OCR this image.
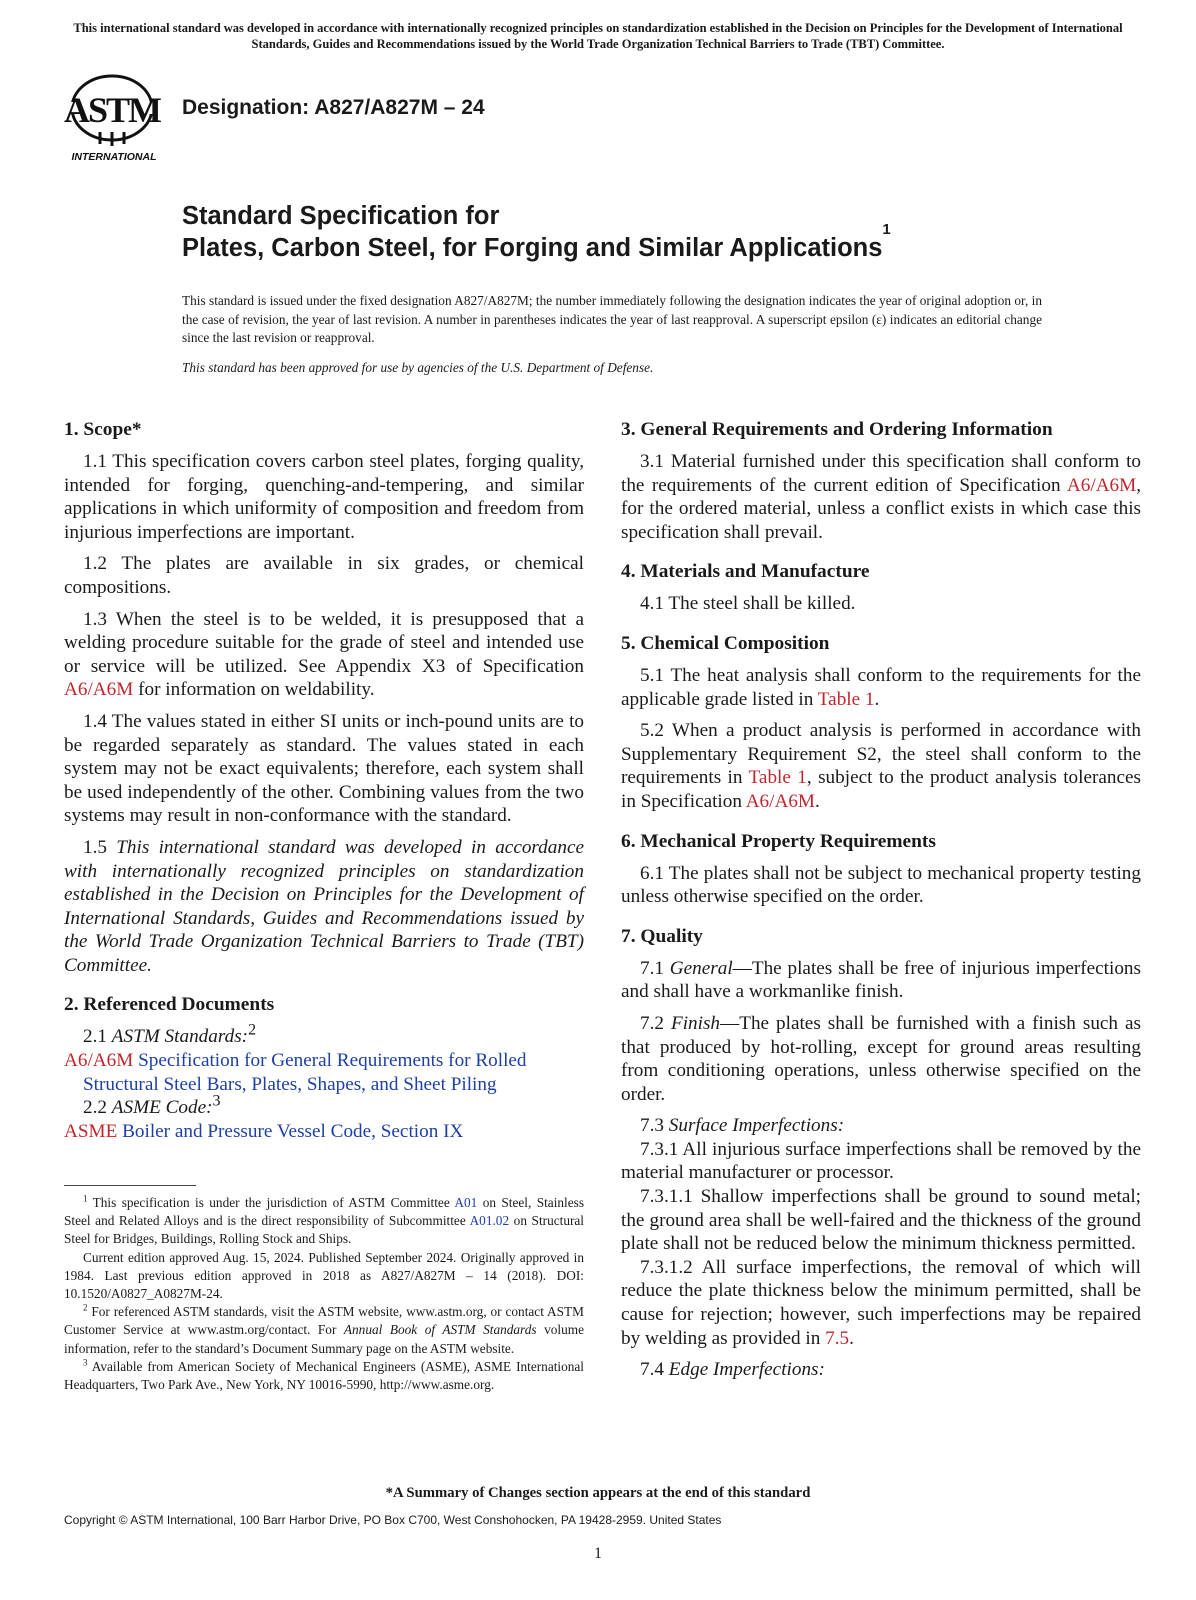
This international standard was developed in accordance with internationally recognized principles on standardization established in the Decision on Principles for the Development of International Standards, Guides and Recommendations issued by the World Trade Organization Technical Barriers to Trade (TBT) Committee.
ASTM
INTERNATIONAL
Designation: A827/A827M – 24
Standard Specification for
Plates, Carbon Steel, for Forging and Similar Applications$^1$
This standard is issued under the fixed designation A827/A827M; the number immediately following the designation indicates the year of original adoption or, in the case of revision, the year of last revision. A number in parentheses indicates the year of last reapproval. A superscript epsilon (ε) indicates an editorial change since the last revision or reapproval.
This standard has been approved for use by agencies of the U.S. Department of Defense.
1. Scope*

1.1 This specification covers carbon steel plates, forging quality, intended for forging, quenching-and-tempering, and similar applications in which uniformity of composition and freedom from injurious imperfections are important.

1.2 The plates are available in six grades, or chemical compositions.

1.3 When the steel is to be welded, it is presupposed that a welding procedure suitable for the grade of steel and intended use or service will be utilized. See Appendix X3 of Specification A6/A6M for information on weldability.

1.4 The values stated in either SI units or inch-pound units are to be regarded separately as standard. The values stated in each system may not be exact equivalents; therefore, each system shall be used independently of the other. Combining values from the two systems may result in non-conformance with the standard.

1.5 This international standard was developed in accordance with internationally recognized principles on standardization established in the Decision on Principles for the Development of International Standards, Guides and Recommendations issued by the World Trade Organization Technical Barriers to Trade (TBT) Committee.

2. Referenced Documents

2.1 ASTM Standards:$^2$

A6/A6M Specification for General Requirements for Rolled Structural Steel Bars, Plates, Shapes, and Sheet Piling

2.2 ASME Code:$^3$

ASME Boiler and Pressure Vessel Code, Section IX

$^1$ This specification is under the jurisdiction of ASTM Committee A01 on Steel, Stainless Steel and Related Alloys and is the direct responsibility of Subcommittee A01.02 on Structural Steel for Bridges, Buildings, Rolling Stock and Ships.

Current edition approved Aug. 15, 2024. Published September 2024. Originally approved in 1984. Last previous edition approved in 2018 as A827/A827M – 14 (2018). DOI: 10.1520/A0827_A0827M-24.

$^2$ For referenced ASTM standards, visit the ASTM website, www.astm.org, or contact ASTM Customer Service at www.astm.org/contact. For Annual Book of ASTM Standards volume information, refer to the standard’s Document Summary page on the ASTM website.

$^3$ Available from American Society of Mechanical Engineers (ASME), ASME International Headquarters, Two Park Ave., New York, NY 10016-5990, http://www.asme.org.

3. General Requirements and Ordering Information

3.1 Material furnished under this specification shall conform to the requirements of the current edition of Specification A6/A6M, for the ordered material, unless a conflict exists in which case this specification shall prevail.

4. Materials and Manufacture

4.1 The steel shall be killed.

5. Chemical Composition

5.1 The heat analysis shall conform to the requirements for the applicable grade listed in Table 1.

5.2 When a product analysis is performed in accordance with Supplementary Requirement S2, the steel shall conform to the requirements in Table 1, subject to the product analysis tolerances in Specification A6/A6M.

6. Mechanical Property Requirements

6.1 The plates shall not be subject to mechanical property testing unless otherwise specified on the order.

7. Quality

7.1 General—The plates shall be free of injurious imperfections and shall have a workmanlike finish.

7.2 Finish—The plates shall be furnished with a finish such as that produced by hot-rolling, except for ground areas resulting from conditioning operations, unless otherwise specified on the order.

7.3 Surface Imperfections:

7.3.1 All injurious surface imperfections shall be removed by the material manufacturer or processor.

7.3.1.1 Shallow imperfections shall be ground to sound metal; the ground area shall be well-faired and the thickness of the ground plate shall not be reduced below the minimum thickness permitted.

7.3.1.2 All surface imperfections, the removal of which will reduce the plate thickness below the minimum permitted, shall be cause for rejection; however, such imperfections may be repaired by welding as provided in 7.5.

7.4 Edge Imperfections:

*A Summary of Changes section appears at the end of this standard
Copyright © ASTM International, 100 Barr Harbor Drive, PO Box C700, West Conshohocken, PA 19428-2959. United States
1
